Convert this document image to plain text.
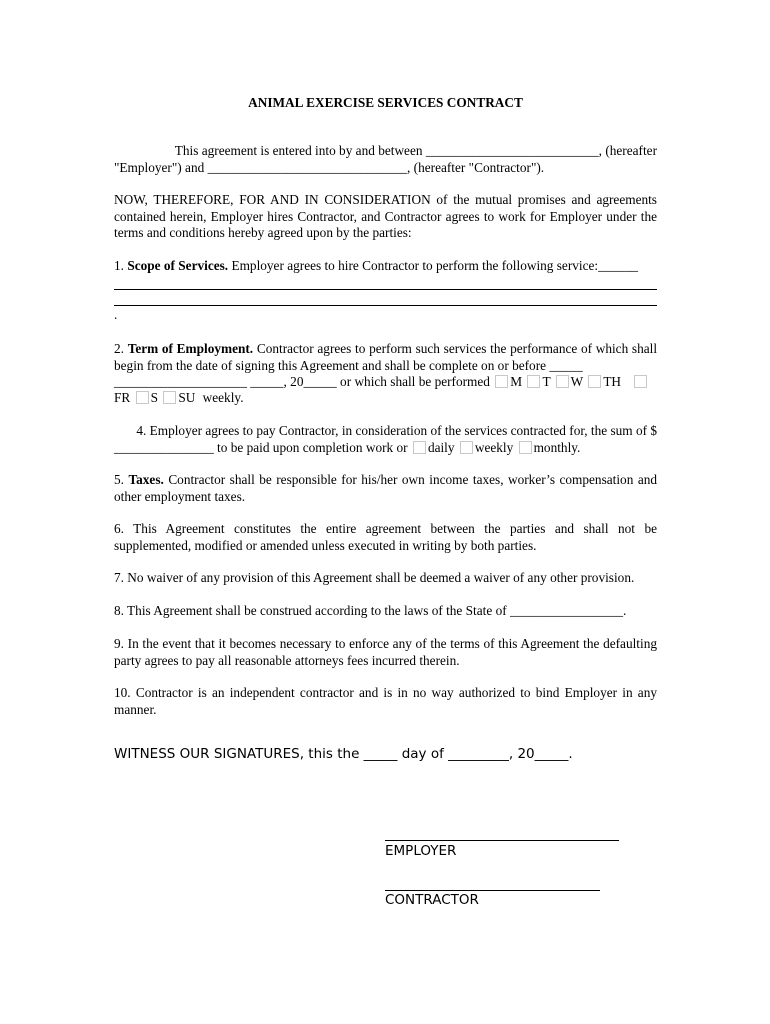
ANIMAL EXERCISE SERVICES CONTRACT
This agreement is entered into by and between __________________________, (hereafter
"Employer") and ______________________________, (hereafter "Contractor").
NOW, THEREFORE, FOR AND IN CONSIDERATION of the mutual promises and agreements contained herein, Employer hires Contractor, and Contractor agrees to work for Employer under the terms and conditions hereby agreed upon by the parties:
1. Scope of Services. Employer agrees to hire Contractor to perform the following service:______
.
2. Term of Employment. Contractor agrees to perform such services the performance of which shall begin from the date of signing this Agreement and shall be complete on or before _____
____________________ _____, 20_____ or which shall be performed M T W TH
FR S SU weekly.
4. Employer agrees to pay Contractor, in consideration of the services contracted for, the sum of $
_______________ to be paid upon completion work or daily weekly monthly.
5. Taxes. Contractor shall be responsible for his/her own income taxes, worker’s compensation and other employment taxes.
6. This Agreement constitutes the entire agreement between the parties and shall not be supplemented, modified or amended unless executed in writing by both parties.
7. No waiver of any provision of this Agreement shall be deemed a waiver of any other provision.
8. This Agreement shall be construed according to the laws of the State of _________________.
9. In the event that it becomes necessary to enforce any of the terms of this Agreement the defaulting party agrees to pay all reasonable attorneys fees incurred therein.
10. Contractor is an independent contractor and is in no way authorized to bind Employer in any manner.
WITNESS OUR SIGNATURES, this the _____ day of _________, 20_____.
EMPLOYER
CONTRACTOR
